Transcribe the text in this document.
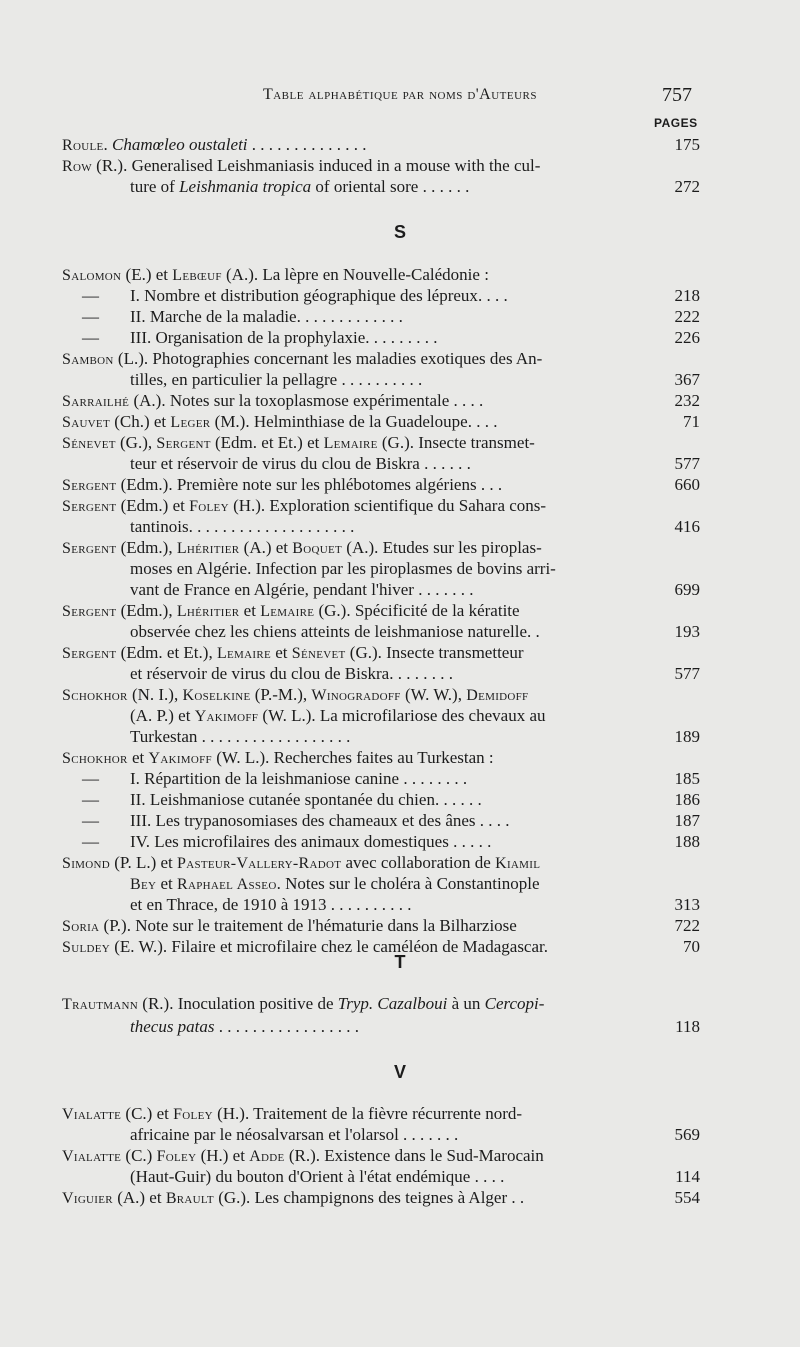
Table alphabétique par noms d'Auteurs	757
PAGES
Roule. Chamœleo oustaleti . . . . . . . . . . . . . .	175
Row (R.). Generalised Leishmaniasis induced in a mouse with the cul-
ture of Leishmania tropica of oriental sore . . . . . .	272
S
Salomon (E.) et Lebœuf (A.). La lèpre en Nouvelle-Calédonie :
— I. Nombre et distribution géographique des lépreux. . . .	218
— II. Marche de la maladie. . . . . . . . . . . . .	222
— III. Organisation de la prophylaxie. . . . . . . . .	226
Sambon (L.). Photographies concernant les maladies exotiques des An-
tilles, en particulier la pellagre . . . . . . . . . .	367
Sarrailhé (A.). Notes sur la toxoplasmose expérimentale . . . .	232
Sauvet (Ch.) et Leger (M.). Helminthiase de la Guadeloupe. . . .	71
Sénevet (G.), Sergent (Edm. et Et.) et Lemaire (G.). Insecte transmet-
teur et réservoir de virus du clou de Biskra . . . . . .	577
Sergent (Edm.). Première note sur les phlébotomes algériens . . .	660
Sergent (Edm.) et Foley (H.). Exploration scientifique du Sahara cons-
tantinois. . . . . . . . . . . . . . . . . . . .	416
Sergent (Edm.), Lhéritier (A.) et Boquet (A.). Etudes sur les piroplas-
moses en Algérie. Infection par les piroplasmes de bovins arri-
vant de France en Algérie, pendant l'hiver . . . . . . .	699
Sergent (Edm.), Lhéritier et Lemaire (G.). Spécificité de la kératite
observée chez les chiens atteints de leishmaniose naturelle. .	193
Sergent (Edm. et Et.), Lemaire et Sénevet (G.). Insecte transmetteur
et réservoir de virus du clou de Biskra. . . . . . . .	577
Schokhor (N. I.), Koselkine (P.-M.), Winogradoff (W. W.), Demidoff
(A. P.) et Yakimoff (W. L.). La microfilariose des chevaux au
Turkestan . . . . . . . . . . . . . . . . . .	189
Schokhor et Yakimoff (W. L.). Recherches faites au Turkestan :
— I. Répartition de la leishmaniose canine . . . . . . . .	185
— II. Leishmaniose cutanée spontanée du chien. . . . . .	186
— III. Les trypanosomiases des chameaux et des ânes . . . .	187
— IV. Les microfilaires des animaux domestiques . . . . .	188
Simond (P. L.) et Pasteur-Vallery-Radot avec collaboration de Kiamil
Bey et Raphael Asseo. Notes sur le choléra à Constantinople
et en Thrace, de 1910 à 1913 . . . . . . . . . .	313
Soria (P.). Note sur le traitement de l'hématurie dans la Bilharziose	722
Suldey (E. W.). Filaire et microfilaire chez le caméléon de Madagascar.	70
T
Trautmann (R.). Inoculation positive de Tryp. Cazalboui à un Cercopi-
thecus patas . . . . . . . . . . . . . . . . .	118
V
Vialatte (C.) et Foley (H.). Traitement de la fièvre récurrente nord-
africaine par le néosalvarsan et l'olarsol . . . . . . .	569
Vialatte (C.) Foley (H.) et Adde (R.). Existence dans le Sud-Marocain
(Haut-Guir) du bouton d'Orient à l'état endémique . . . .	114
Viguier (A.) et Brault (G.). Les champignons des teignes à Alger . .	554
